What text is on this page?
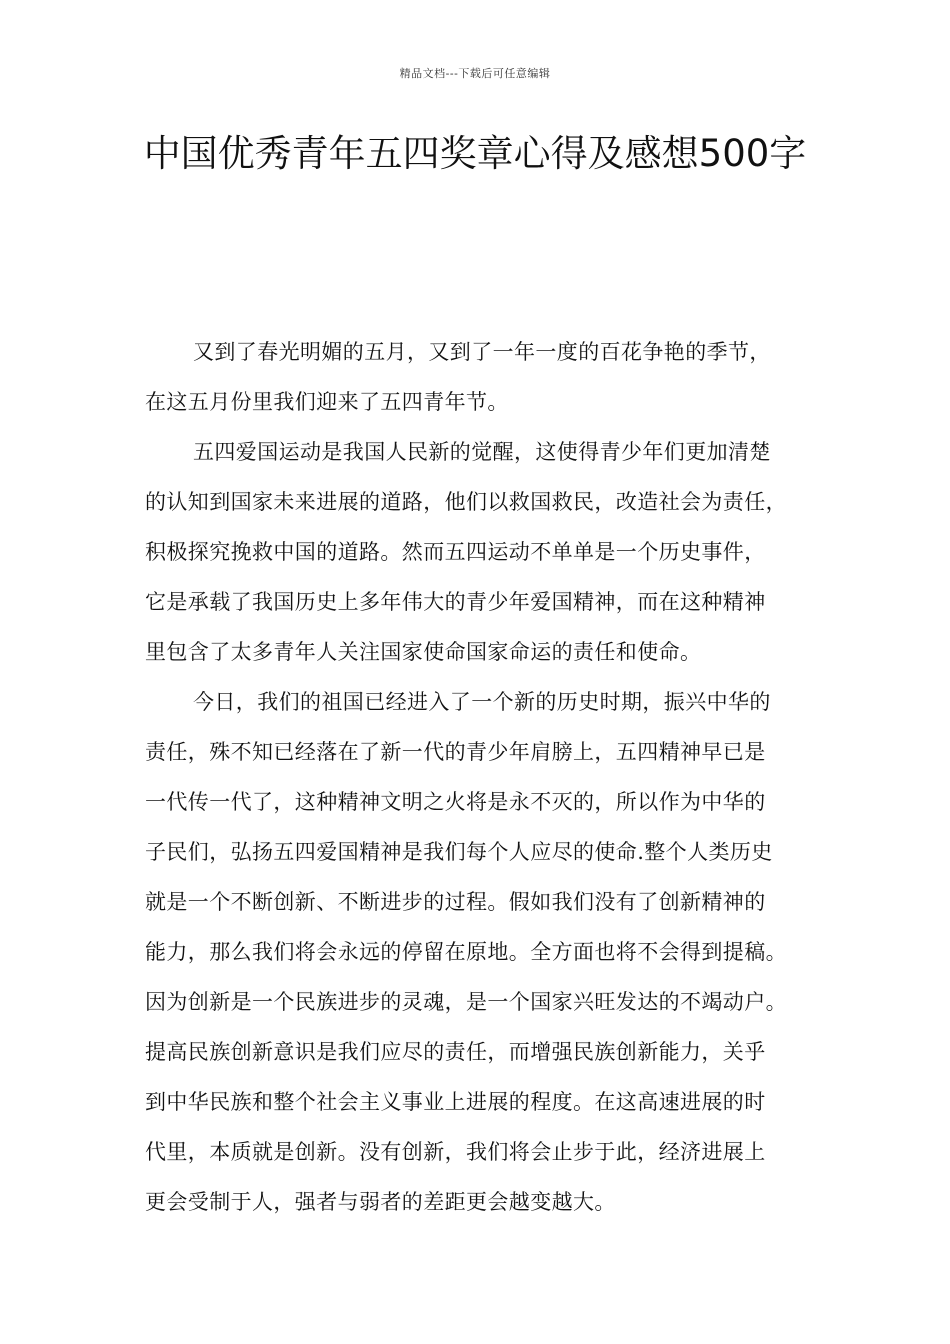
精品文档---下载后可任意编辑
中国优秀青年五四奖章心得及感想500字
又到了春光明媚的五月，又到了一年一度的百花争艳的季节，
在这五月份里我们迎来了五四青年节。
五四爱国运动是我国人民新的觉醒，这使得青少年们更加清楚
的认知到国家未来进展的道路，他们以救国救民，改造社会为责任，
积极探究挽救中国的道路。然而五四运动不单单是一个历史事件，
它是承载了我国历史上多年伟大的青少年爱国精神，而在这种精神
里包含了太多青年人关注国家使命国家命运的责任和使命。
今日，我们的祖国已经进入了一个新的历史时期，振兴中华的
责任，殊不知已经落在了新一代的青少年肩膀上，五四精神早已是
一代传一代了，这种精神文明之火将是永不灭的，所以作为中华的
子民们，弘扬五四爱国精神是我们每个人应尽的使命.整个人类历史
就是一个不断创新、不断进步的过程。假如我们没有了创新精神的
能力，那么我们将会永远的停留在原地。全方面也将不会得到提稿。
因为创新是一个民族进步的灵魂，是一个国家兴旺发达的不竭动户。
提高民族创新意识是我们应尽的责任，而增强民族创新能力，关乎
到中华民族和整个社会主义事业上进展的程度。在这高速进展的时
代里，本质就是创新。没有创新，我们将会止步于此，经济进展上
更会受制于人，强者与弱者的差距更会越变越大。
